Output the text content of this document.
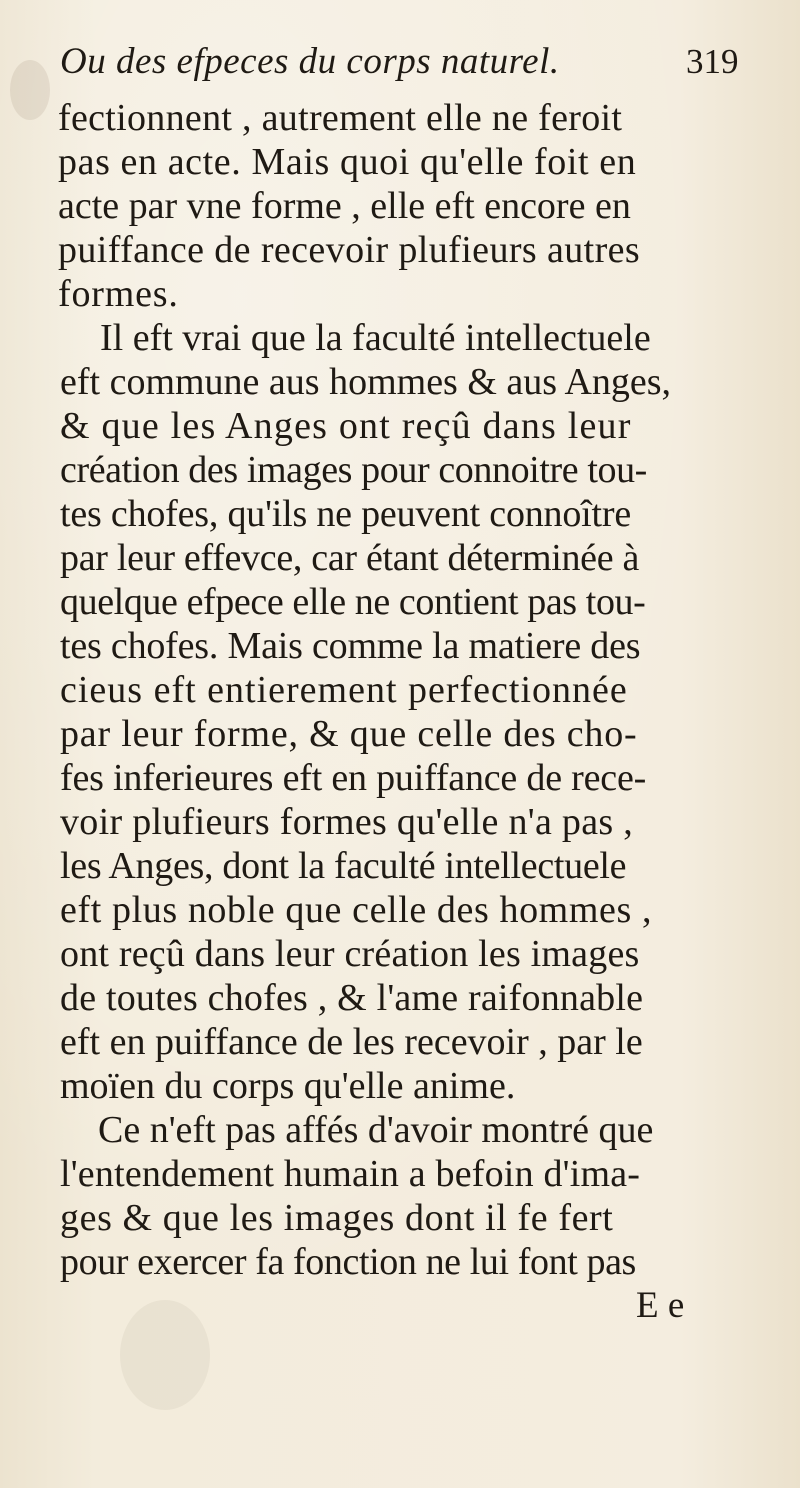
Ou des efpeces du corps naturel.	319
fectionnent , autrement elle ne feroit
pas en acte. Mais quoi qu'elle foit en
acte par vne forme , elle eft encore en
puiffance de recevoir plufieurs autres
formes.
Il eft vrai que la faculté intellectuele
eft commune aus hommes & aus Anges,
& que les Anges ont reçû dans leur
création des images pour connoitre tou-
tes chofes, qu'ils ne peuvent connoître
par leur effevce, car étant déterminée à
quelque efpece elle ne contient pas tou-
tes chofes. Mais comme la matiere des
cieus eft entierement perfectionnée
par leur forme, & que celle des cho-
fes inferieures eft en puiffance de rece-
voir plufieurs formes qu'elle n'a pas ,
les Anges, dont la faculté intellectuele
eft plus noble que celle des hommes ,
ont reçû dans leur création les images
de toutes chofes , & l'ame raifonnable
eft en puiffance de les recevoir , par le
moïen du corps qu'elle anime.
Ce n'eft pas affés d'avoir montré que
l'entendement humain a befoin d'ima-
ges & que les images dont il fe fert
pour exercer fa fonction ne lui font pas
E e
